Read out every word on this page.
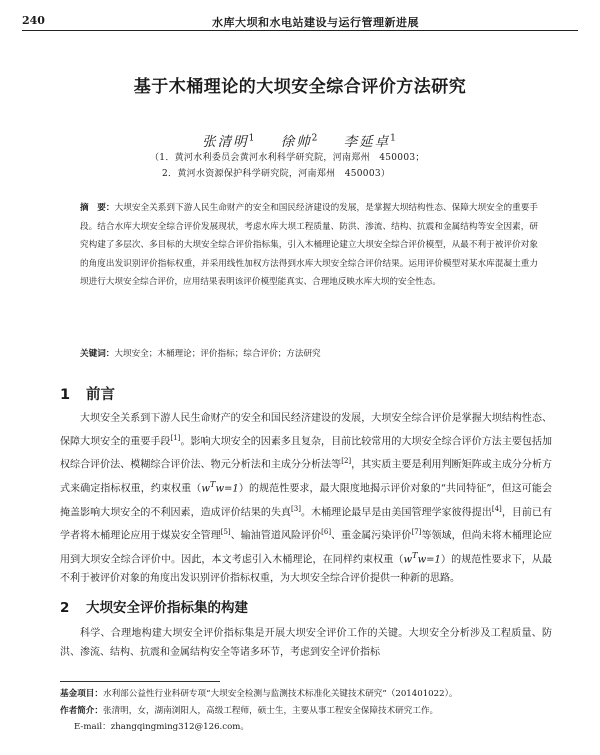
240	水库大坝和水电站建设与运行管理新进展
基于木桶理论的大坝安全综合评价方法研究
张清明$^1$ 徐帅$^2$ 李延卓$^1$
（1．黄河水利委员会黄河水利科学研究院，河南郑州　450003；
2．黄河水资源保护科学研究院，河南郑州　450003）
摘　要：大坝安全关系到下游人民生命财产的安全和国民经济建设的发展，是掌握大坝结构性态、保障大坝安全的重要手段。结合水库大坝安全综合评价发展现状，考虑水库大坝工程质量、防洪、渗流、结构、抗震和金属结构等安全因素，研究构建了多层次、多目标的大坝安全综合评价指标集，引入木桶理论建立大坝安全综合评价模型，从最不利于被评价对象的角度出发识别评价指标权重，并采用线性加权方法得到水库大坝安全综合评价结果。运用评价模型对某水库混凝土重力坝进行大坝安全综合评价，应用结果表明该评价模型能真实、合理地反映水库大坝的安全性态。
关键词：大坝安全；木桶理论；评价指标；综合评价；方法研究
1 前言
大坝安全关系到下游人民生命财产的安全和国民经济建设的发展，大坝安全综合评价是掌握大坝结构性态、保障大坝安全的重要手段[1]。影响大坝安全的因素多且复杂，目前比较常用的大坝安全综合评价方法主要包括加权综合评价法、模糊综合评价法、物元分析法和主成分分析法等[2]，其实质主要是利用判断矩阵或主成分分析方式来确定指标权重，约束权重$(w^Tw=1)$的规范性要求，最大限度地揭示评价对象的“共同特征”，但这可能会掩盖影响大坝安全的不利因素，造成评价结果的失真[3]。木桶理论最早是由美国管理学家彼得提出[4]，目前已有学者将木桶理论应用于煤炭安全管理[5]、输油管道风险评价[6]、重金属污染评价[7]等领域，但尚未将木桶理论应用到大坝安全综合评价中。因此，本文考虑引入木桶理论，在同样约束权重$(w^Tw=1)$的规范性要求下，从最不利于被评价对象的角度出发识别评价指标权重，为大坝安全综合评价提供一种新的思路。
2 大坝安全评价指标集的构建
科学、合理地构建大坝安全评价指标集是开展大坝安全评价工作的关键。大坝安全分析涉及工程质量、防洪、渗流、结构、抗震和金属结构安全等诸多环节，考虑到安全评价指标
基金项目：水利部公益性行业科研专项“大坝安全检测与监测技术标准化关键技术研究”（201401022）。
作者简介：张清明，女，湖南浏阳人，高级工程师，硕士生，主要从事工程安全保障技术研究工作。
E-mail：zhangqingming312@126.com。
